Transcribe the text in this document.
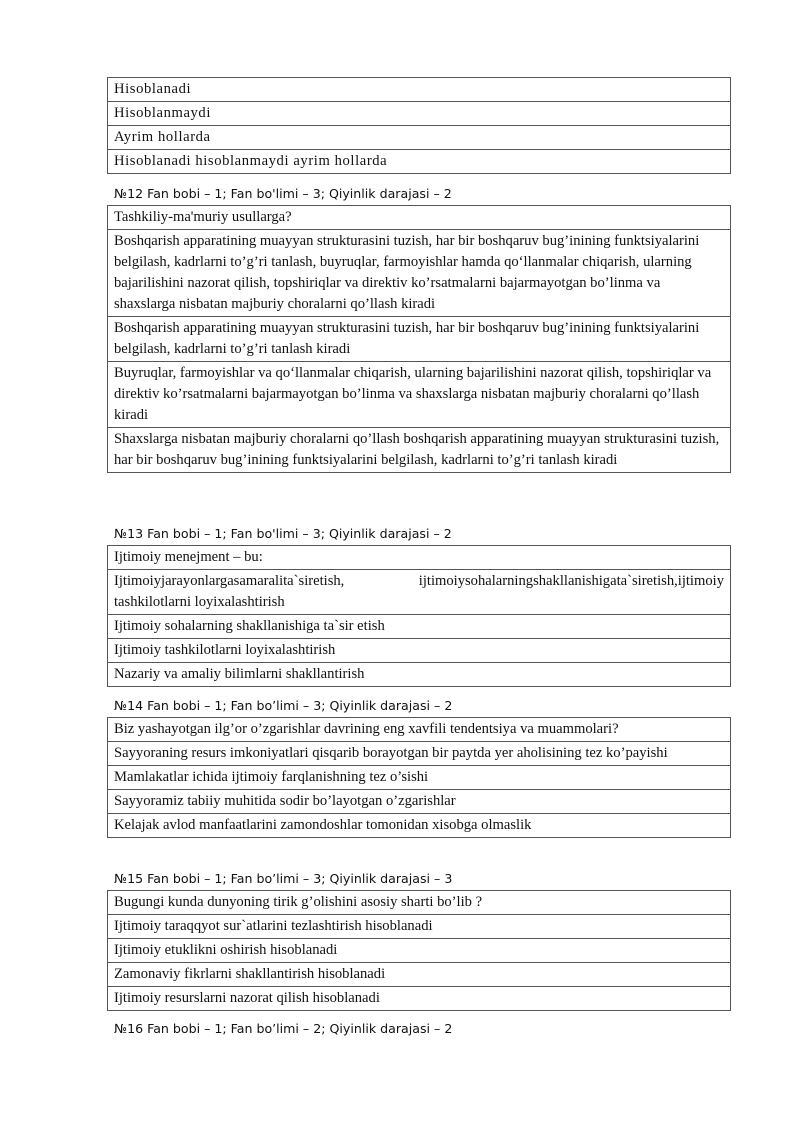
Hisoblanadi
Hisoblanmaydi
Ayrim hollarda
Hisoblanadi hisoblanmaydi ayrim hollarda
№12 Fan bobi – 1; Fan bo'limi – 3; Qiyinlik darajasi – 2
Tashkiliy-ma'muriy usullarga?
Boshqarish apparatining muayyan strukturasini tuzish, har bir boshqaruv bug’inining funktsiyalarini belgilash, kadrlarni to’g’ri tanlash, buyruqlar, farmoyishlar hamda qo‘llanmalar chiqarish, ularning bajarilishini nazorat qilish, topshiriqlar va direktiv ko’rsatmalarni bajarmayotgan bo’linma va shaxslarga nisbatan majburiy choralarni qo’llash kiradi
Boshqarish apparatining muayyan strukturasini tuzish, har bir boshqaruv bug’inining funktsiyalarini belgilash, kadrlarni to’g’ri tanlash kiradi
Buyruqlar, farmoyishlar va qo‘llanmalar chiqarish, ularning bajarilishini nazorat qilish, topshiriqlar va direktiv ko’rsatmalarni bajarmayotgan bo’linma va shaxslarga nisbatan majburiy choralarni qo’llash kiradi
Shaxslarga nisbatan majburiy choralarni qo’llash boshqarish apparatining muayyan strukturasini tuzish, har bir boshqaruv bug’inining funktsiyalarini belgilash, kadrlarni to’g’ri tanlash kiradi
№13 Fan bobi – 1; Fan bo'limi – 3; Qiyinlik darajasi – 2
Ijtimoiy menejment – bu:
Ijtimoiyjarayonlargasamaralita`siretish, ijtimoiysohalarningshakllanishigata`siretish,ijtimoiy tashkilotlarni loyixalashtirish
Ijtimoiy sohalarning shakllanishiga ta`sir etish
Ijtimoiy tashkilotlarni loyixalashtirish
Nazariy va amaliy bilimlarni shakllantirish
№14 Fan bobi – 1; Fan bo’limi – 3; Qiyinlik darajasi – 2
Biz yashayotgan ilg’or o’zgarishlar davrining eng xavfili tendentsiya va muammolari?
Sayyoraning resurs imkoniyatlari qisqarib borayotgan bir paytda yer aholisining tez ko’payishi
Mamlakatlar ichida ijtimoiy farqlanishning tez o’sishi
Sayyoramiz tabiiy muhitida sodir bo’layotgan o’zgarishlar
Kelajak avlod manfaatlarini zamondoshlar tomonidan xisobga olmaslik
№15 Fan bobi – 1; Fan bo’limi – 3; Qiyinlik darajasi – 3
Bugungi kunda dunyoning tirik g’olishini asosiy sharti bo’lib ?
Ijtimoiy taraqqyot sur`atlarini tezlashtirish hisoblanadi
Ijtimoiy etuklikni oshirish hisoblanadi
Zamonaviy fikrlarni shakllantirish hisoblanadi
Ijtimoiy resurslarni nazorat qilish hisoblanadi
№16 Fan bobi – 1; Fan bo’limi – 2; Qiyinlik darajasi – 2
